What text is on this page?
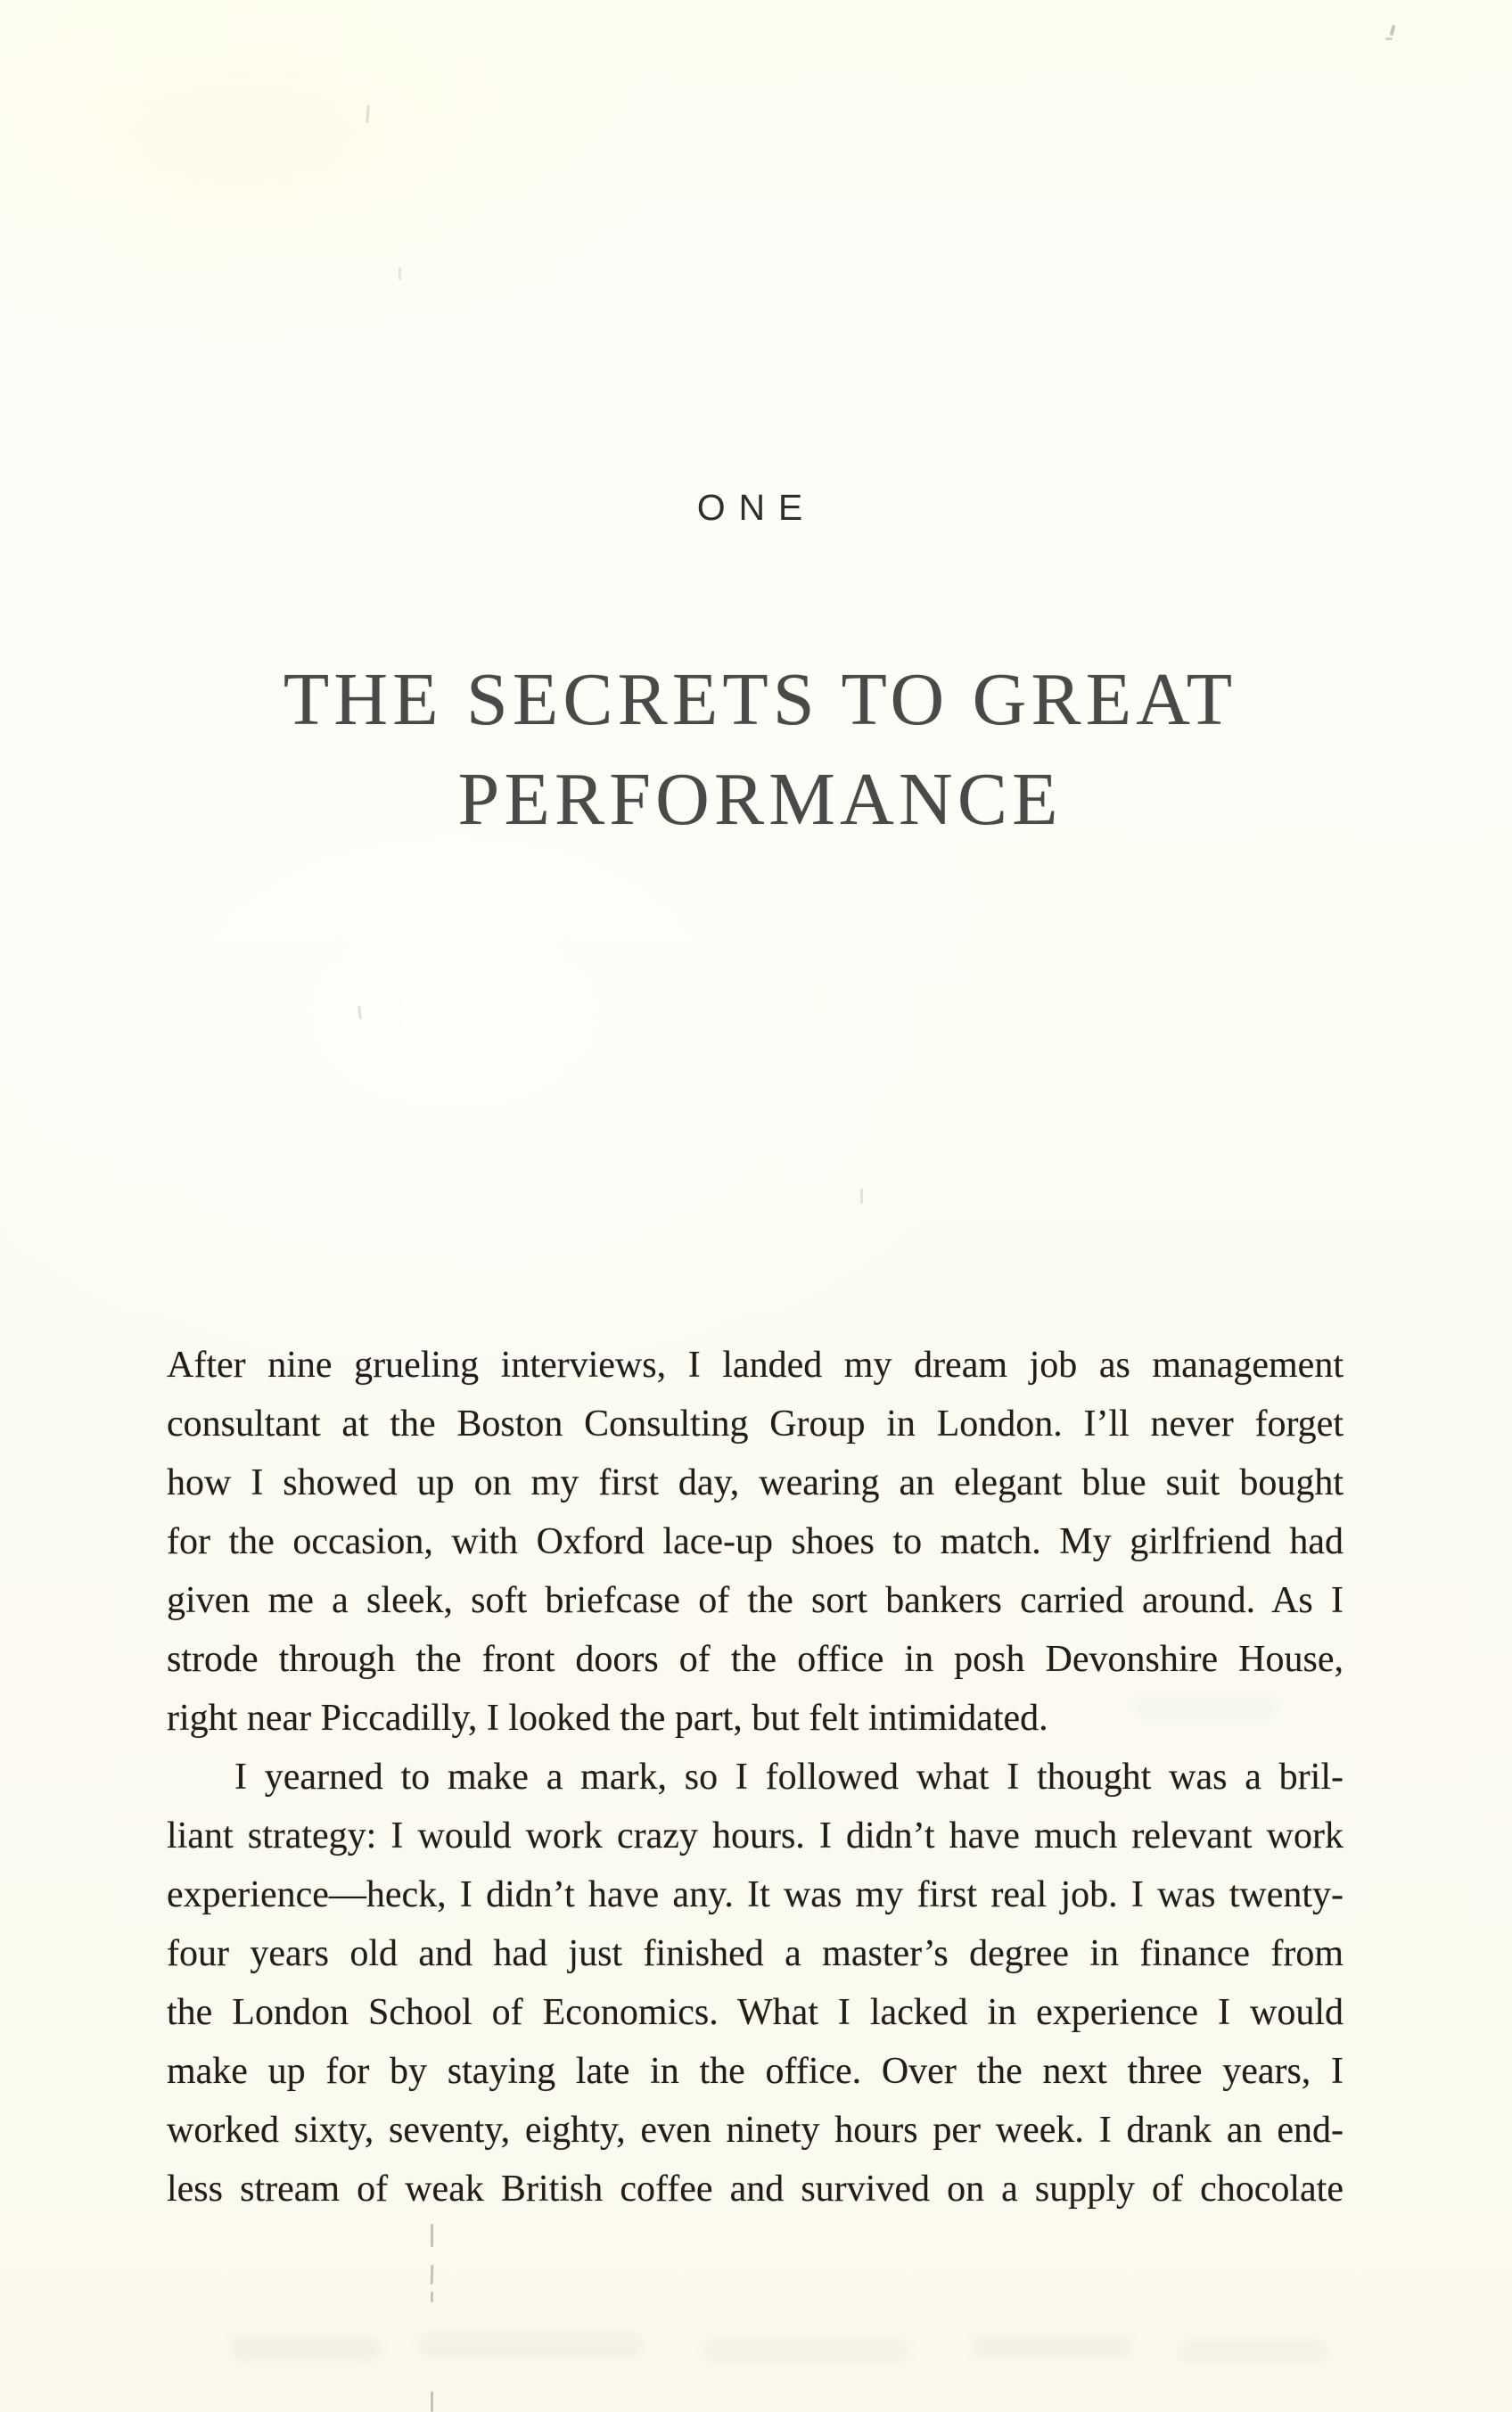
ONE
THE SECRETS TO GREAT
PERFORMANCE
After nine grueling interviews, I landed my dream job as management
consultant at the Boston Consulting Group in London. I’ll never forget
how I showed up on my first day, wearing an elegant blue suit bought
for the occasion, with Oxford lace-up shoes to match. My girlfriend had
given me a sleek, soft briefcase of the sort bankers carried around. As I
strode through the front doors of the office in posh Devonshire House,
right near Piccadilly, I looked the part, but felt intimidated.
I yearned to make a mark, so I followed what I thought was a bril-
liant strategy: I would work crazy hours. I didn’t have much relevant work
experience—heck, I didn’t have any. It was my first real job. I was twenty-
four years old and had just finished a master’s degree in finance from
the London School of Economics. What I lacked in experience I would
make up for by staying late in the office. Over the next three years, I
worked sixty, seventy, eighty, even ninety hours per week. I drank an end-
less stream of weak British coffee and survived on a supply of chocolate
